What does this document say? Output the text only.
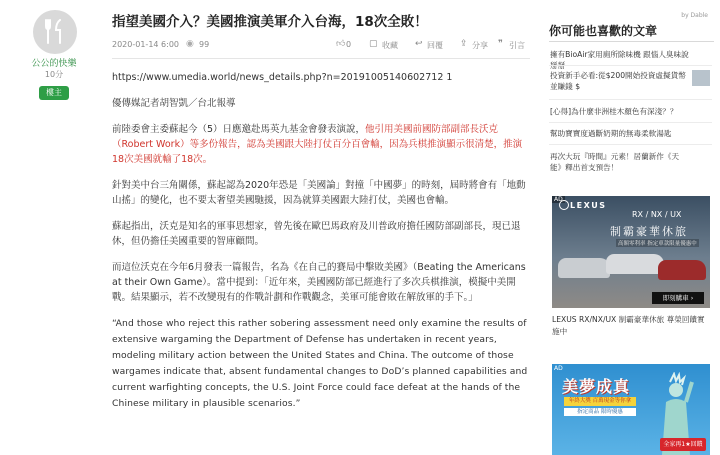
公公的快樂
10分
樓主
指望美國介入？美國推演美軍介入台海，18次全敗！
2020-01-14 6:00 ◉ 99	👍︎ 0 ▢ 收藏 ↩ 回覆 ⇪ 分享 ❞ 引言

https://www.umedia.world/news_details.php?n=20191005140602712 1

優傳媒記者胡智凱／台北報導

前陸委會主委蘇起今（5）日應邀赴馬英九基金會發表演說，他引用美國前國防部副部長沃克（Robert Work）等多份報告，認為美國跟大陸打仗百分百會輸，因為兵棋推演顯示很清楚，推演18次美國就輸了18次。

針對美中台三角關係，蘇起認為2020年恐是「美國論」對撞「中國夢」的時刻，屆時將會有「地動山搖」的變化，也不要太奢望美國馳援，因為就算美國跟大陸打仗，美國也會輸。

蘇起指出，沃克是知名的軍事思想家，曾先後在歐巴馬政府及川普政府擔任國防部副部長，現已退休，但仍擔任美國重要的智庫顧問。

而這位沃克在今年6月發表一篇報告，名為《在自己的賽局中擊敗美國》（Beating the Americans at their Own Game）。當中提到：「近年來，美國國防部已經進行了多次兵棋推演，模擬中美開戰。結果顯示，若不改變現有的作戰計劃和作戰觀念，美軍可能會敗在解放軍的手下。」

“And those who reject this rather sobering assessment need only examine the results of extensive wargaming the Department of Defense has undertaken in recent years, modeling military action between the United States and China. The outcome of those wargames indicate that, absent fundamental changes to DoD’s planned capabilities and current warfighting concepts, the U.S. Joint Force could face defeat at the hands of the Chinese military in plausible scenarios.”

by Dable
你可能也喜歡的文章
擁有BioAir家用廁所除味機 跟惱人臭味說
投資新手必看:從$200開始投資虛擬貨幣並賺錢 $
[心得]為什麼非洲桂木顏色有深淺？？
幫助寶寶度過斷奶期的無毒柔軟湯匙
再次大玩『時間』元素！居蘭新作《天能》釋出首支預告！
AD
LEXUS
RX / NX / UX
制霸豪華休旅
高額零利率 指定車款限量優惠中
即刻購車 ›
LEXUS RX/NX/UX 制霸豪華休旅 尊榮回饋實施中
AD
美夢成真
年終大獎 百萬現金等你拿
指定商品 限時優惠
全家再1★回饋
